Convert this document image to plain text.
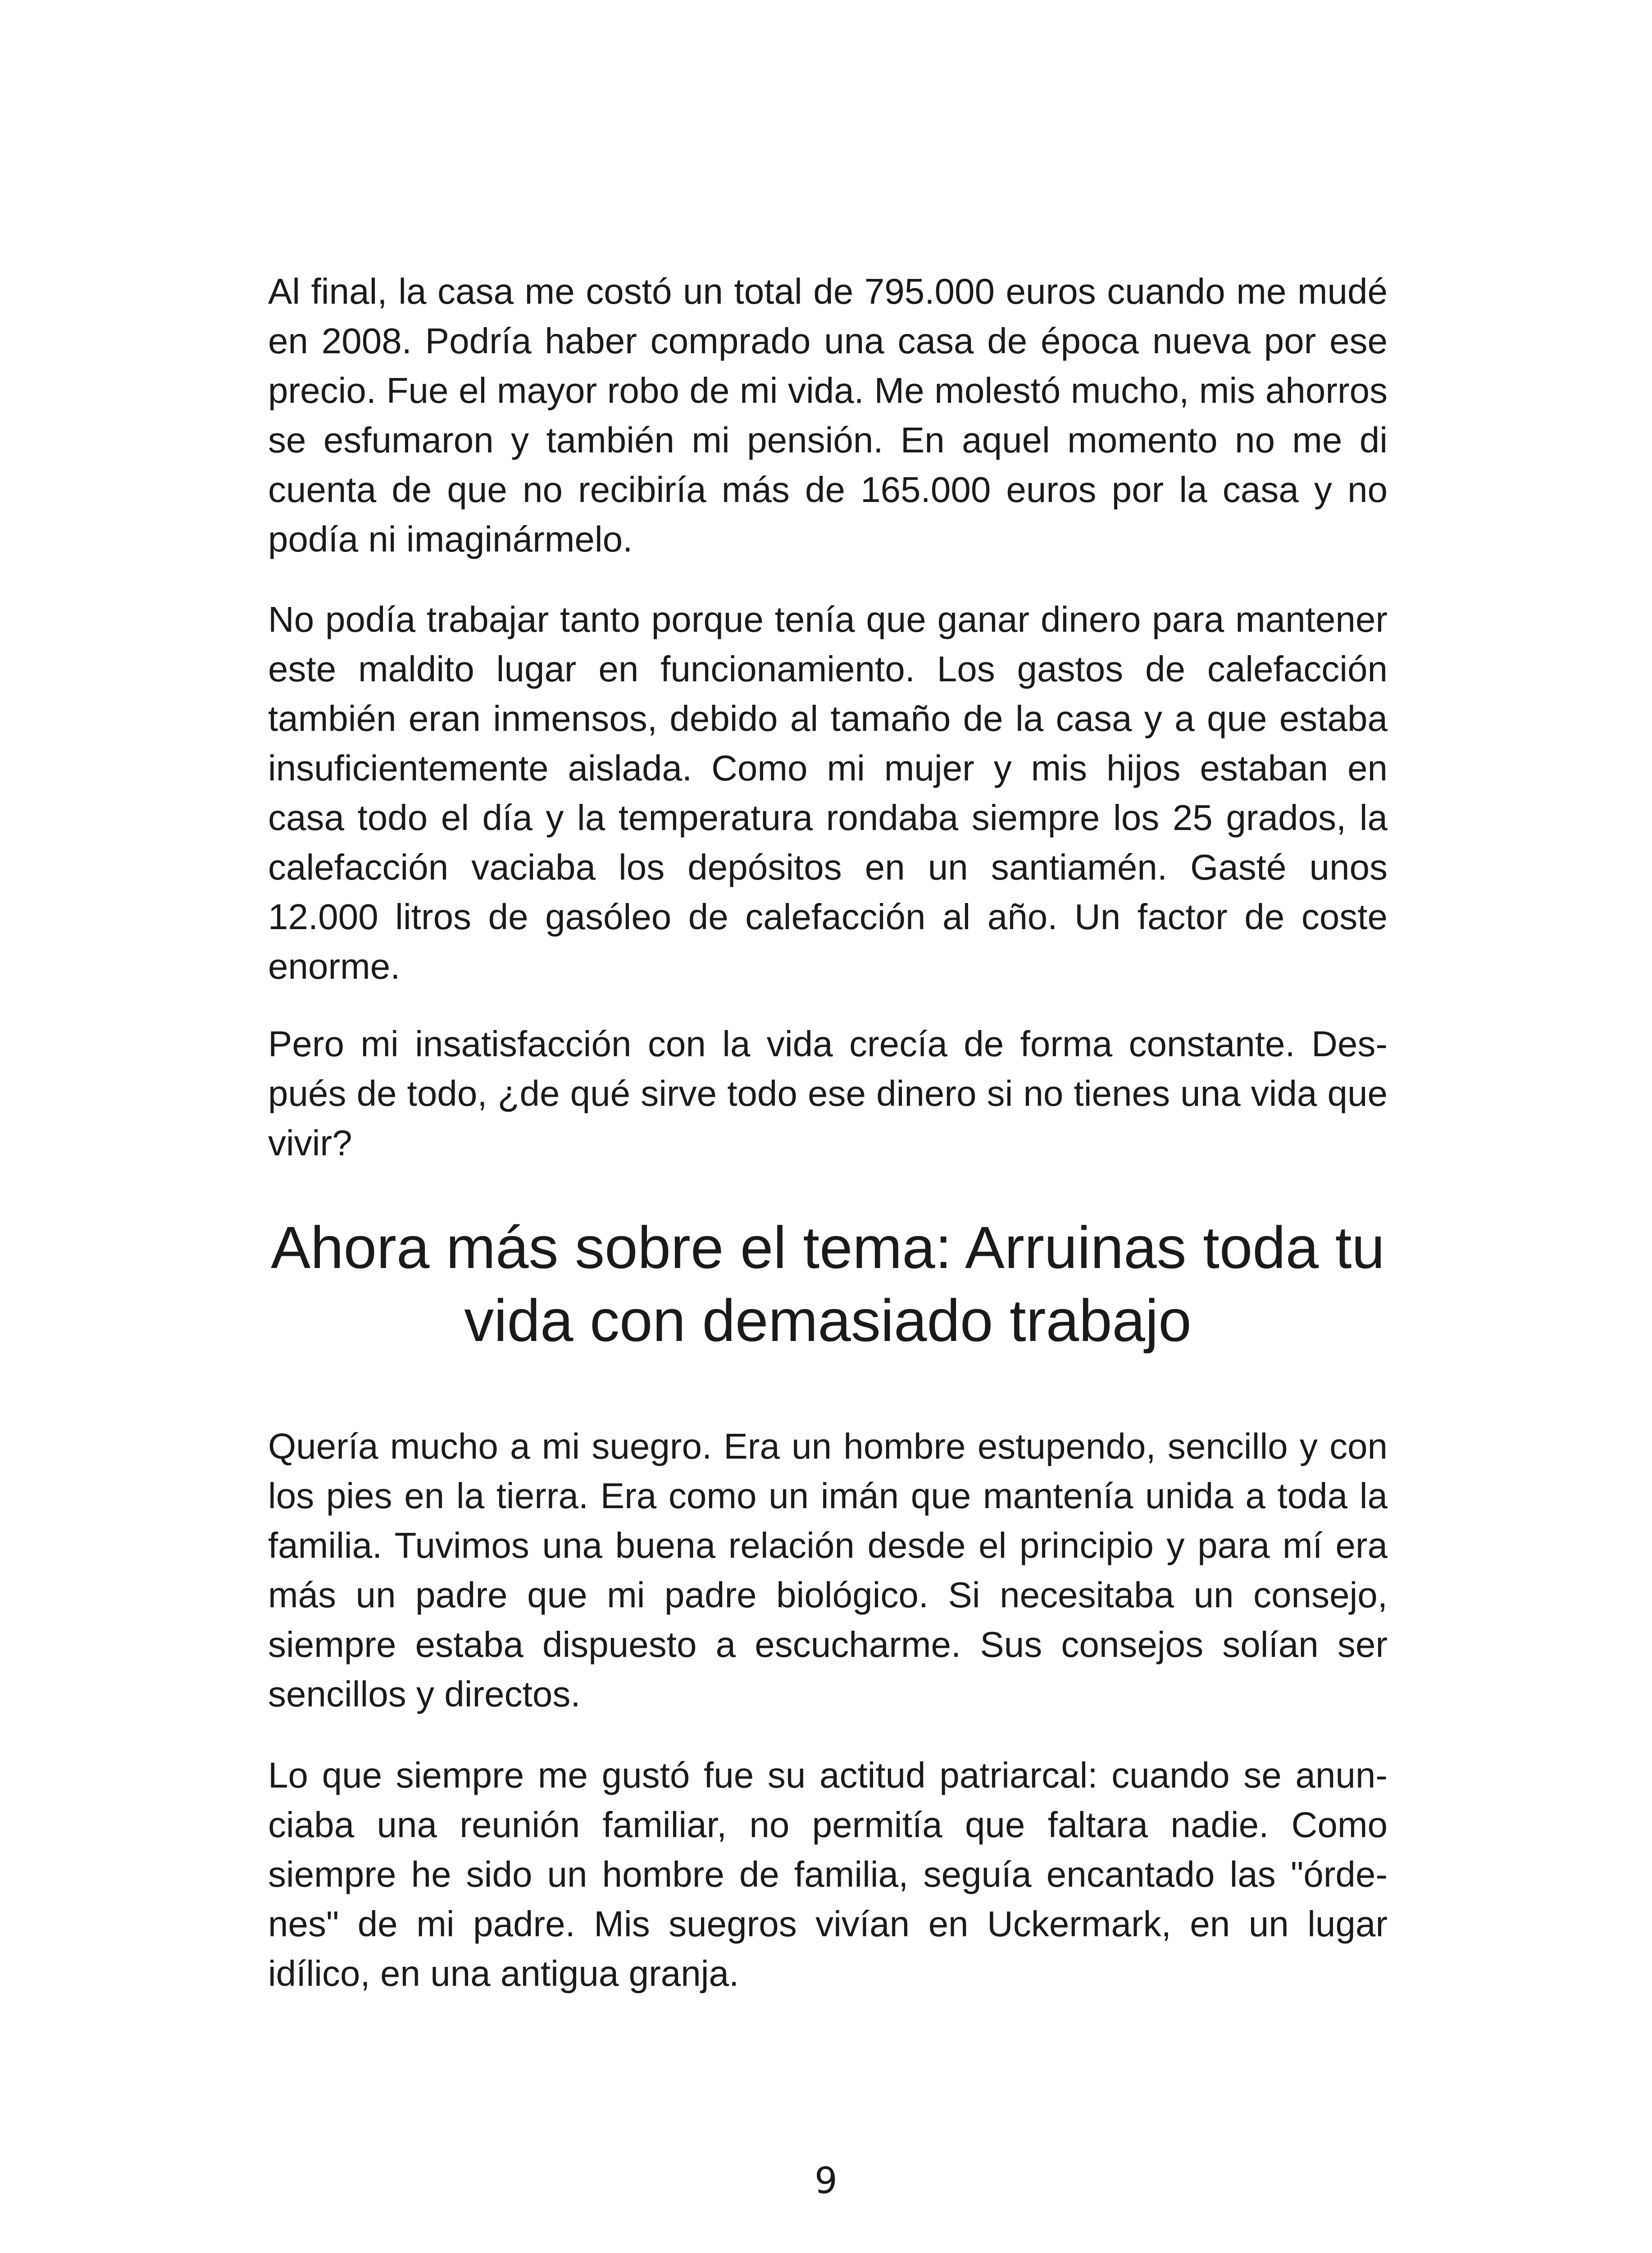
Al final, la casa me costó un total de 795.000 euros cuando me mudé en 2008. Podría haber comprado una casa de época nueva por ese precio. Fue el mayor robo de mi vida. Me molestó mucho, mis ahorros se esfumaron y también mi pensión. En aquel momento no me di cuenta de que no recibiría más de 165.000 euros por la casa y no podía ni imaginármelo.

No podía trabajar tanto porque tenía que ganar dinero para mantener este maldito lugar en funcionamiento. Los gastos de calefacción también eran inmensos, debido al tamaño de la casa y a que estaba insuficientemente aislada. Como mi mujer y mis hijos estaban en casa todo el día y la temperatura rondaba siempre los 25 grados, la calefacción vaciaba los depósitos en un santiamén. Gasté unos 12.000 litros de gasóleo de calefacción al año. Un factor de coste enorme.

Pero mi insatisfacción con la vida crecía de forma constante. Después de todo, ¿de qué sirve todo ese dinero si no tienes una vida que vivir?

Ahora más sobre el tema: Arruinas toda tu vida con demasiado trabajo

Quería mucho a mi suegro. Era un hombre estupendo, sencillo y con los pies en la tierra. Era como un imán que mantenía unida a toda la familia. Tuvimos una buena relación desde el principio y para mí era más un padre que mi padre biológico. Si necesitaba un consejo, siempre estaba dispuesto a escucharme. Sus consejos solían ser sencillos y directos.

Lo que siempre me gustó fue su actitud patriarcal: cuando se anunciaba una reunión familiar, no permitía que faltara nadie. Como siempre he sido un hombre de familia, seguía encantado las "órdenes" de mi padre. Mis suegros vivían en Uckermark, en un lugar idílico, en una antigua granja.

9
